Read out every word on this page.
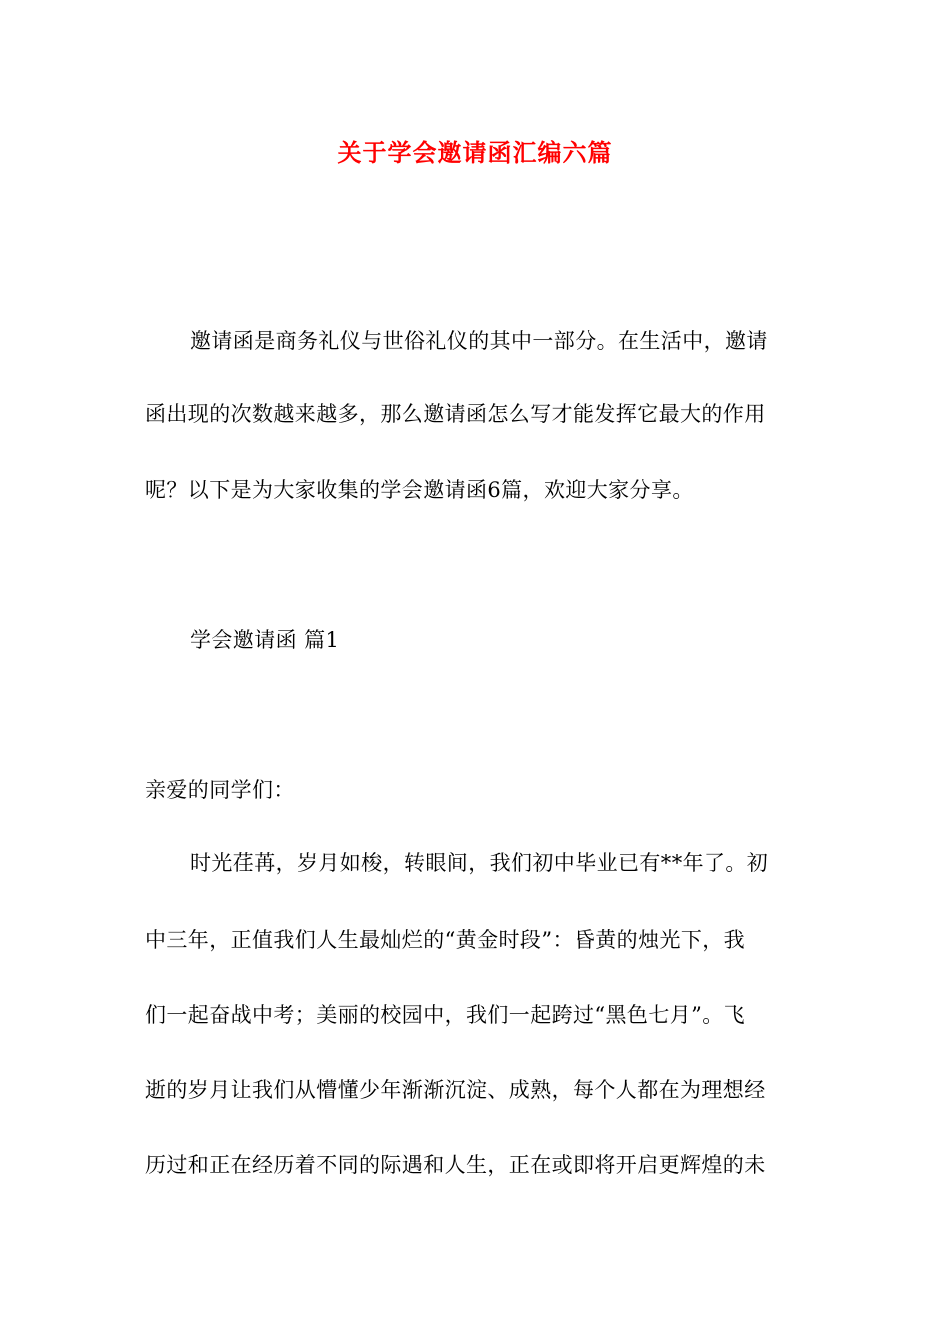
关于学会邀请函汇编六篇
邀请函是商务礼仪与世俗礼仪的其中一部分。在生活中，邀请
函出现的次数越来越多，那么邀请函怎么写才能发挥它最大的作用
呢？以下是为大家收集的学会邀请函6篇，欢迎大家分享。
学会邀请函 篇1
亲爱的同学们：
时光荏苒，岁月如梭，转眼间，我们初中毕业已有**年了。初
中三年，正值我们人生最灿烂的“黄金时段”：昏黄的烛光下，我
们一起奋战中考；美丽的校园中，我们一起跨过“黑色七月”。飞
逝的岁月让我们从懵懂少年渐渐沉淀、成熟，每个人都在为理想经
历过和正在经历着不同的际遇和人生，正在或即将开启更辉煌的未
